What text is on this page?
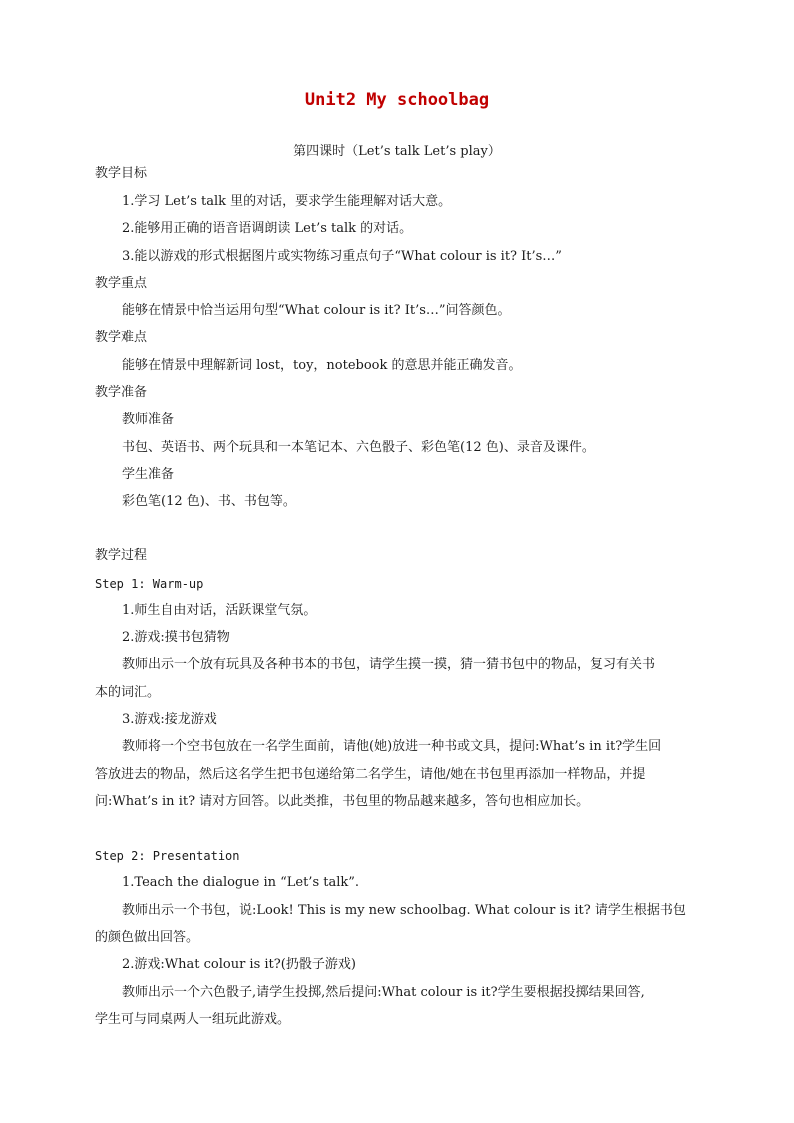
Unit2 My schoolbag
第四课时（Let’s talk Let’s play）
教学目标
1.学习 Let’s talk 里的对话，要求学生能理解对话大意。
2.能够用正确的语音语调朗读 Let’s talk 的对话。
3.能以游戏的形式根据图片或实物练习重点句子“What colour is it? It’s…”
教学重点
能够在情景中恰当运用句型“What colour is it? It’s…”问答颜色。
教学难点
能够在情景中理解新词 lost，toy，notebook 的意思并能正确发音。
教学准备
教师准备
书包、英语书、两个玩具和一本笔记本、六色骰子、彩色笔(12 色)、录音及课件。
学生准备
彩色笔(12 色)、书、书包等。
教学过程
Step 1: Warm-up
1.师生自由对话，活跃课堂气氛。
2.游戏:摸书包猜物
教师出示一个放有玩具及各种书本的书包，请学生摸一摸，猜一猜书包中的物品，复习有关书
本的词汇。
3.游戏:接龙游戏
教师将一个空书包放在一名学生面前，请他(她)放进一种书或文具，提问:What’s in it?学生回
答放进去的物品，然后这名学生把书包递给第二名学生，请他/她在书包里再添加一样物品，并提
问:What’s in it? 请对方回答。以此类推，书包里的物品越来越多，答句也相应加长。
Step 2: Presentation
1.Teach the dialogue in “Let’s talk”.
教师出示一个书包，说:Look! This is my new schoolbag. What colour is it? 请学生根据书包
的颜色做出回答。
2.游戏:What colour is it?(扔骰子游戏)
教师出示一个六色骰子,请学生投掷,然后提问:What colour is it?学生要根据投掷结果回答,
学生可与同桌两人一组玩此游戏。
